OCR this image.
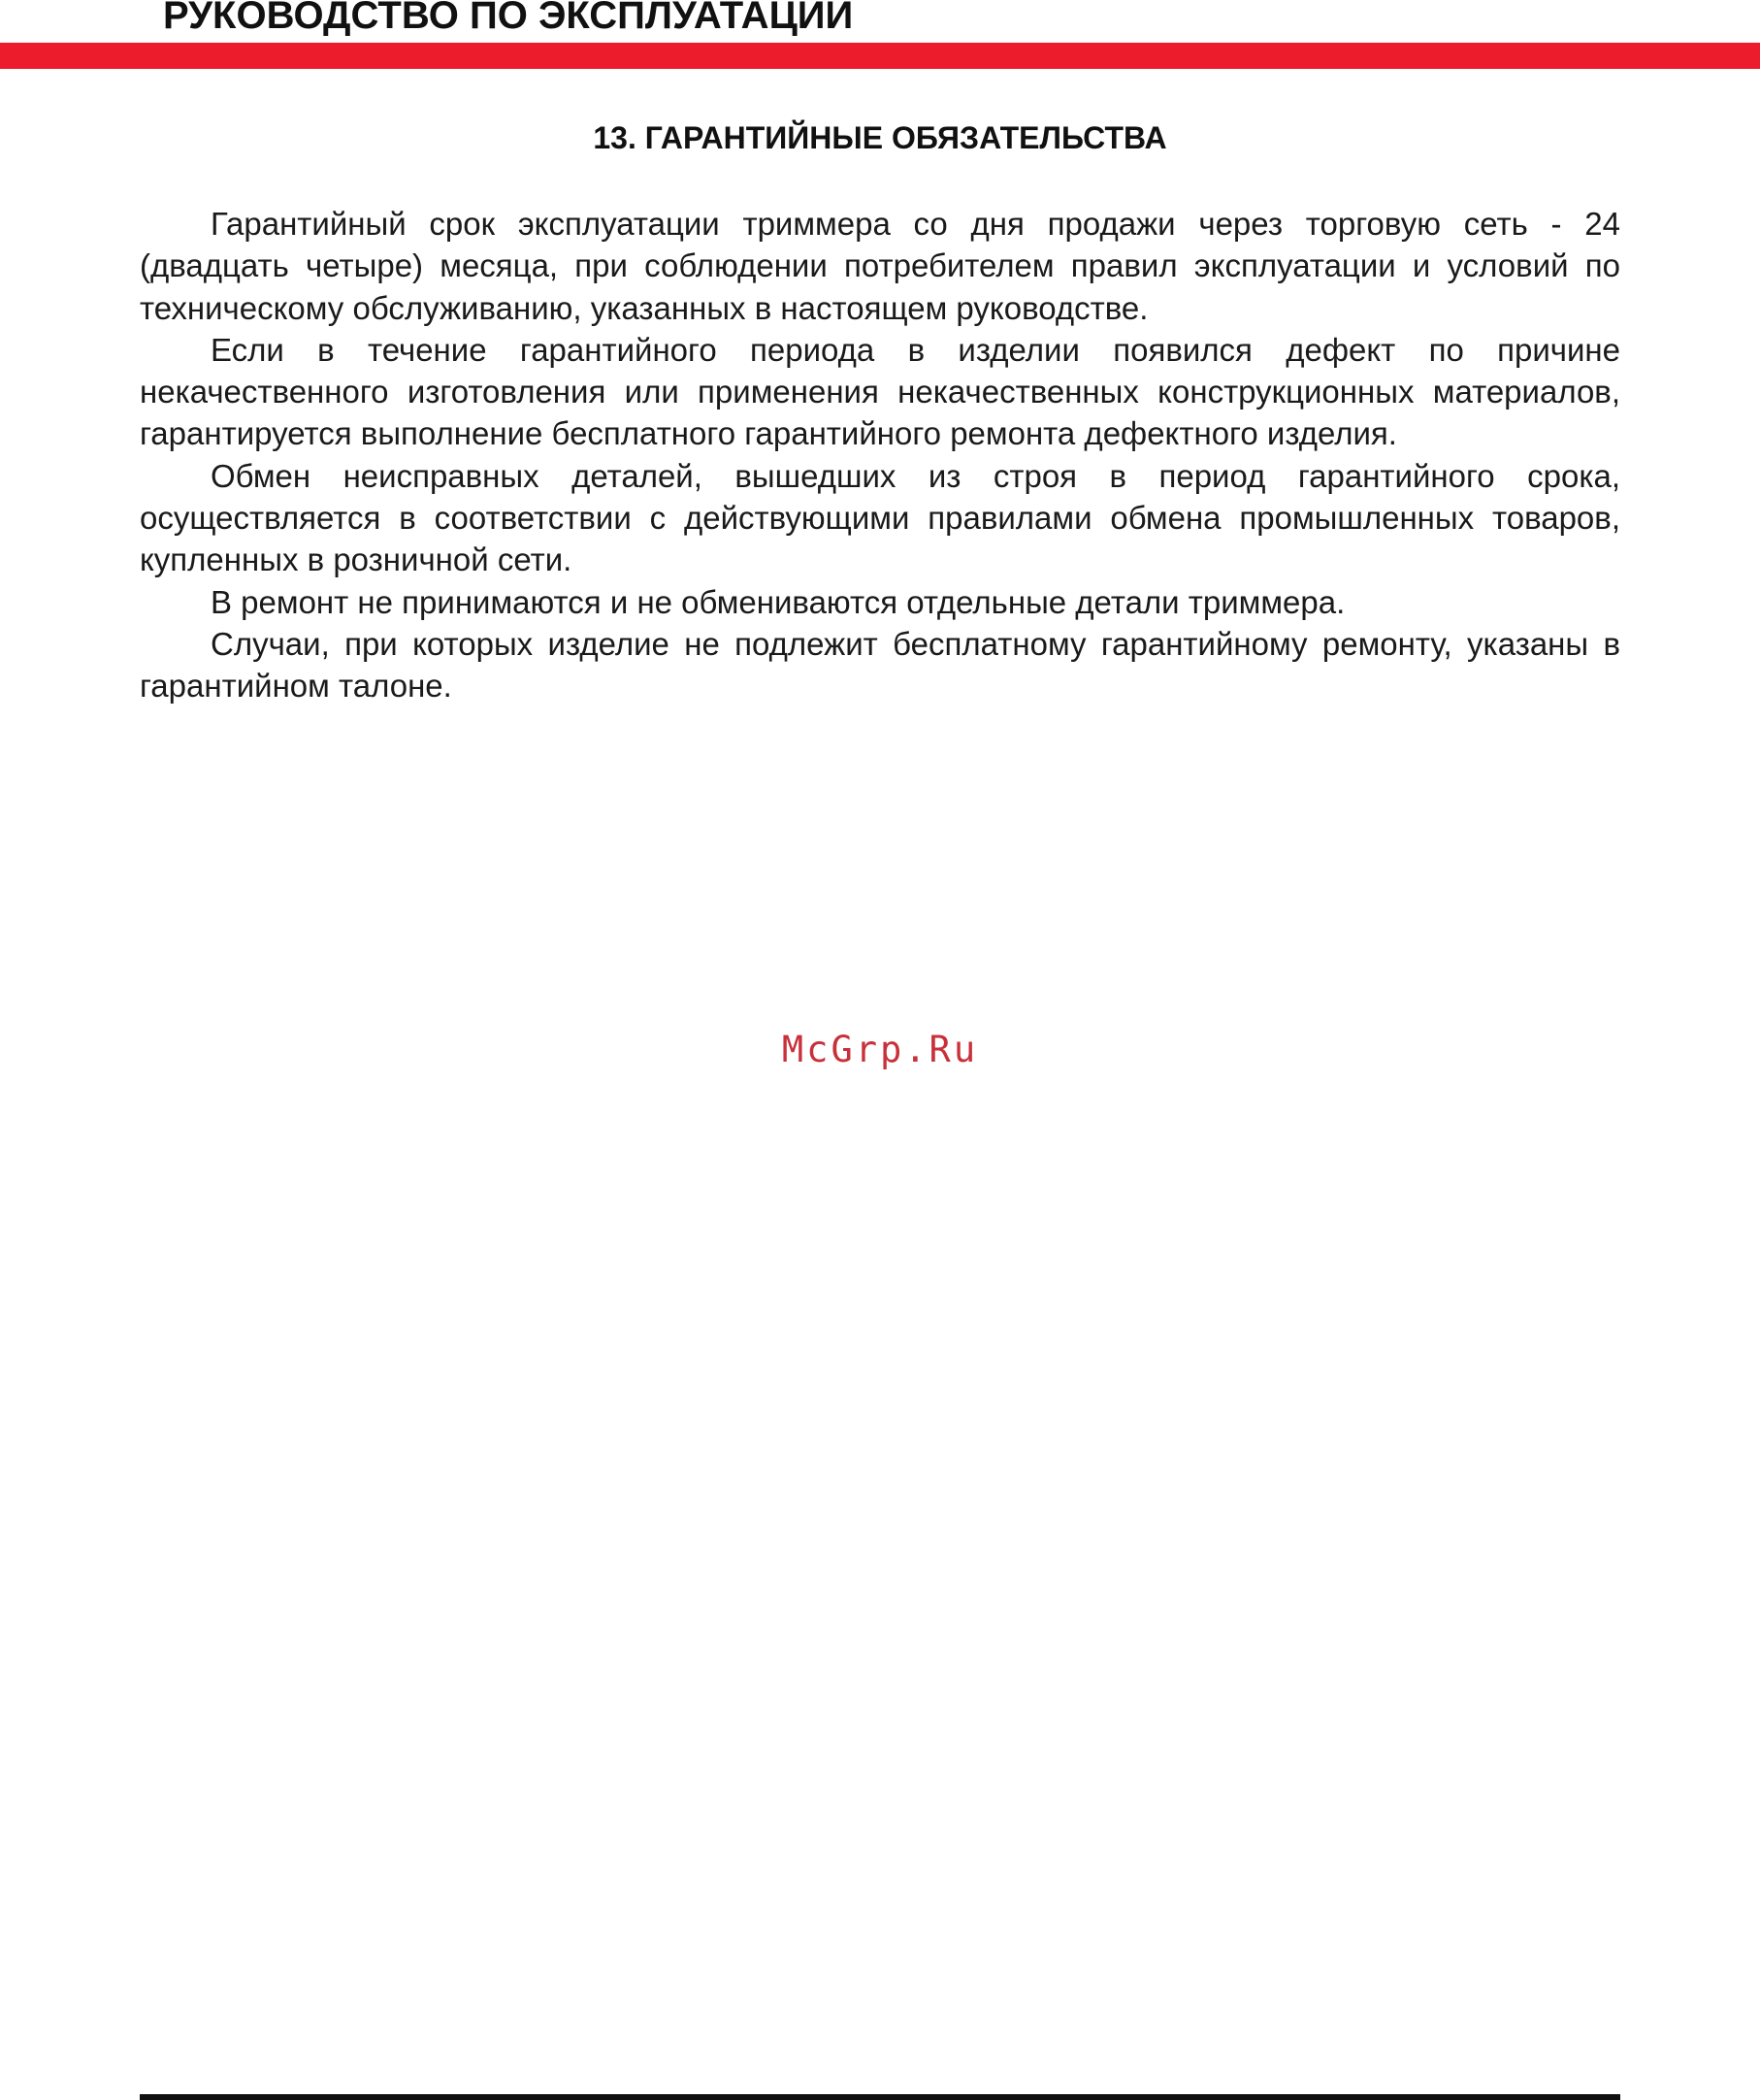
РУКОВОДСТВО ПО ЭКСПЛУАТАЦИИ
13. ГАРАНТИЙНЫЕ ОБЯЗАТЕЛЬСТВА

Гарантийный срок эксплуатации триммера со дня продажи через торговую сеть - 24 (двадцать четыре) месяца, при соблюдении потребителем правил эксплуатации и условий по техническому обслуживанию, указанных в настоящем руководстве.

Если в течение гарантийного периода в изделии появился дефект по причине некачественного изготовления или применения некачественных конструкционных материалов, гарантируется выполнение бесплатного гарантийного ремонта дефектного изделия.

Обмен неисправных деталей, вышедших из строя в период гарантийного срока, осуществляется в соответствии с действующими правилами обмена промышленных товаров, купленных в розничной сети.

В ремонт не принимаются и не обмениваются отдельные детали триммера.

Случаи, при которых изделие не подлежит бесплатному гарантийному ремонту, указаны в гарантийном талоне.

McGrp.Ru
